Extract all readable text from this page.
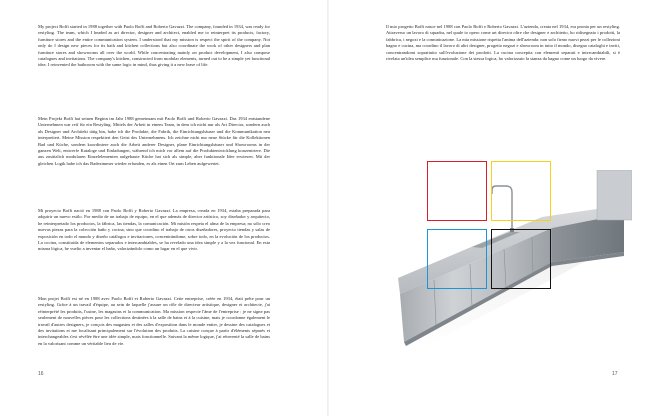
My project Boffi started in 1988 together with Paolo Boffi and Roberto Gavazzi. The company, founded in 1934, was ready for restyling. The team, which I headed as art director, designer and architect, enabled me to reinterpret its products, factory, furniture stores and the entire communication system. I understood that my mission is respect the spirit of the company. Not only do I design new pieces for its bath and kitchen collections but also coordinate the work of other designers and plan furniture stores and showrooms all over the world. While concentrating mainly on product development, I also compose catalogues and invitations. The company's kitchen, constructed from modular elements, turned out to be a simple yet functional idea. I reinvented the bathroom with the same logic in mind, thus giving it a new lease of life.

Mein Projekt Boffi hat seinen Beginn im Jahr 1988 gemeinsam mit Paolo Boffi und Roberto Gavazzi. Das 1934 entstandene Unternehmen war reif für ein Restyling. Mittels der Arbeit in einem Team, in dem ich nicht nur als Art Director, sondern auch als Designer und Architekt tätig bin, habe ich die Produkte, die Fabrik, die Einrichtungshäuser und die Kommunikation neu interpretiert. Meine Mission respektiert den Geist des Unternehmens. Ich zeichne nicht nur neue Stücke für die Kollektionen Bad und Küche, sondern koordiniere auch die Arbeit anderer Designer, plane Einrichtungshäuser und Showrooms in der ganzen Welt, entwerfe Kataloge und Einladungen, während ich mich vor allem auf die Produktentwicklung konzentriere. Die aus zusätzlich modularen Einzelelementen aufgebaute Küche hat sich als simple, aber funktionale Idee erwiesen. Mit der gleichen Logik habe ich das Badezimmer wieder erfunden, es als einen Ort zum Leben aufgewertet.

Mi proyecto Boffi nació en 1988 con Paolo Boffi y Roberto Gavazzi. La empresa, creada en 1934, estaba preparada para adquirir un nuevo estilo. Por medio de un trabajo de equipo, en el que además de director artístico, soy diseñador y arquitecto, he reinterpretado los productos, la fábrica, las tiendas, la comunicación. Mi misión respeta el alma de la empresa; no sólo creo nuevas piezas para la colección baño y cocina, sino que coordino el trabajo de otros diseñadores, proyecto tiendas y salas de exposición en todo el mundo y diseño catálogos e invitaciones, concentrándome, sobre todo, en la evolución de los productos. La cocina, constituida de elementos separados e intercambiables, se ha revelado una idea simple y a la vez funcional. En esta misma lógica, he vuelto a inventar el baño, valorizándolo como un lugar en el que vivir.

Mon projet Boffi est né en 1988 avec Paolo Boffi et Roberto Gavazzi. Cette entreprise, créée en 1934, était prête pour un restyling. Grâce à un travail d'équipe, au sein de laquelle j'assure un rôle de directeur artistique, designer et architecte, j'ai réinterprété les produits, l'usine, les magasins et la communication. Ma mission respecte l'âme de l'entreprise : je ne signe pas seulement de nouvelles pièces pour les collections destinées à la salle de bains et à la cuisine, mais je coordonne également le travail d'autres designers, je conçois des magasins et des salles d'exposition dans le monde entier, je dessine des catalogues et des invitations et me focalisant principalement sur l'évolution des produits. La cuisine conçue à partir d'éléments séparés et interchangeables s'est révélée être une idée simple, mais fonctionnelle. Suivant la même logique, j'ai réinventé la salle de bains en la valorisant comme un véritable lieu de vie.

16

Il mio progetto Boffi nasce nel 1988 con Paolo Boffi e Roberto Gavazzi. L'azienda, creata nel 1934, era pronta per un restyling. Attraverso un lavoro di squadra, nel quale io opero come art director oltre che designer e architetto, ho ridisegnato i prodotti, la fabbrica, i negozi e la comunicazione. La mia missione rispetta l'anima dell'azienda: non solo firmo nuovi pezzi per le collezioni bagno e cucina, ma coordino il lavoro di altri designer, progetto negozi e showroom in tutto il mondo, disegno cataloghi e inviti, concentrandomi soprattutto sull'evoluzione dei prodotti. La cucina concepita con elementi separati e intercambiabili, si è rivelata un'idea semplice ma funzionale. Con la stessa logica, ho valorizzato la stanza da bagno come un luogo da vivere.

17
